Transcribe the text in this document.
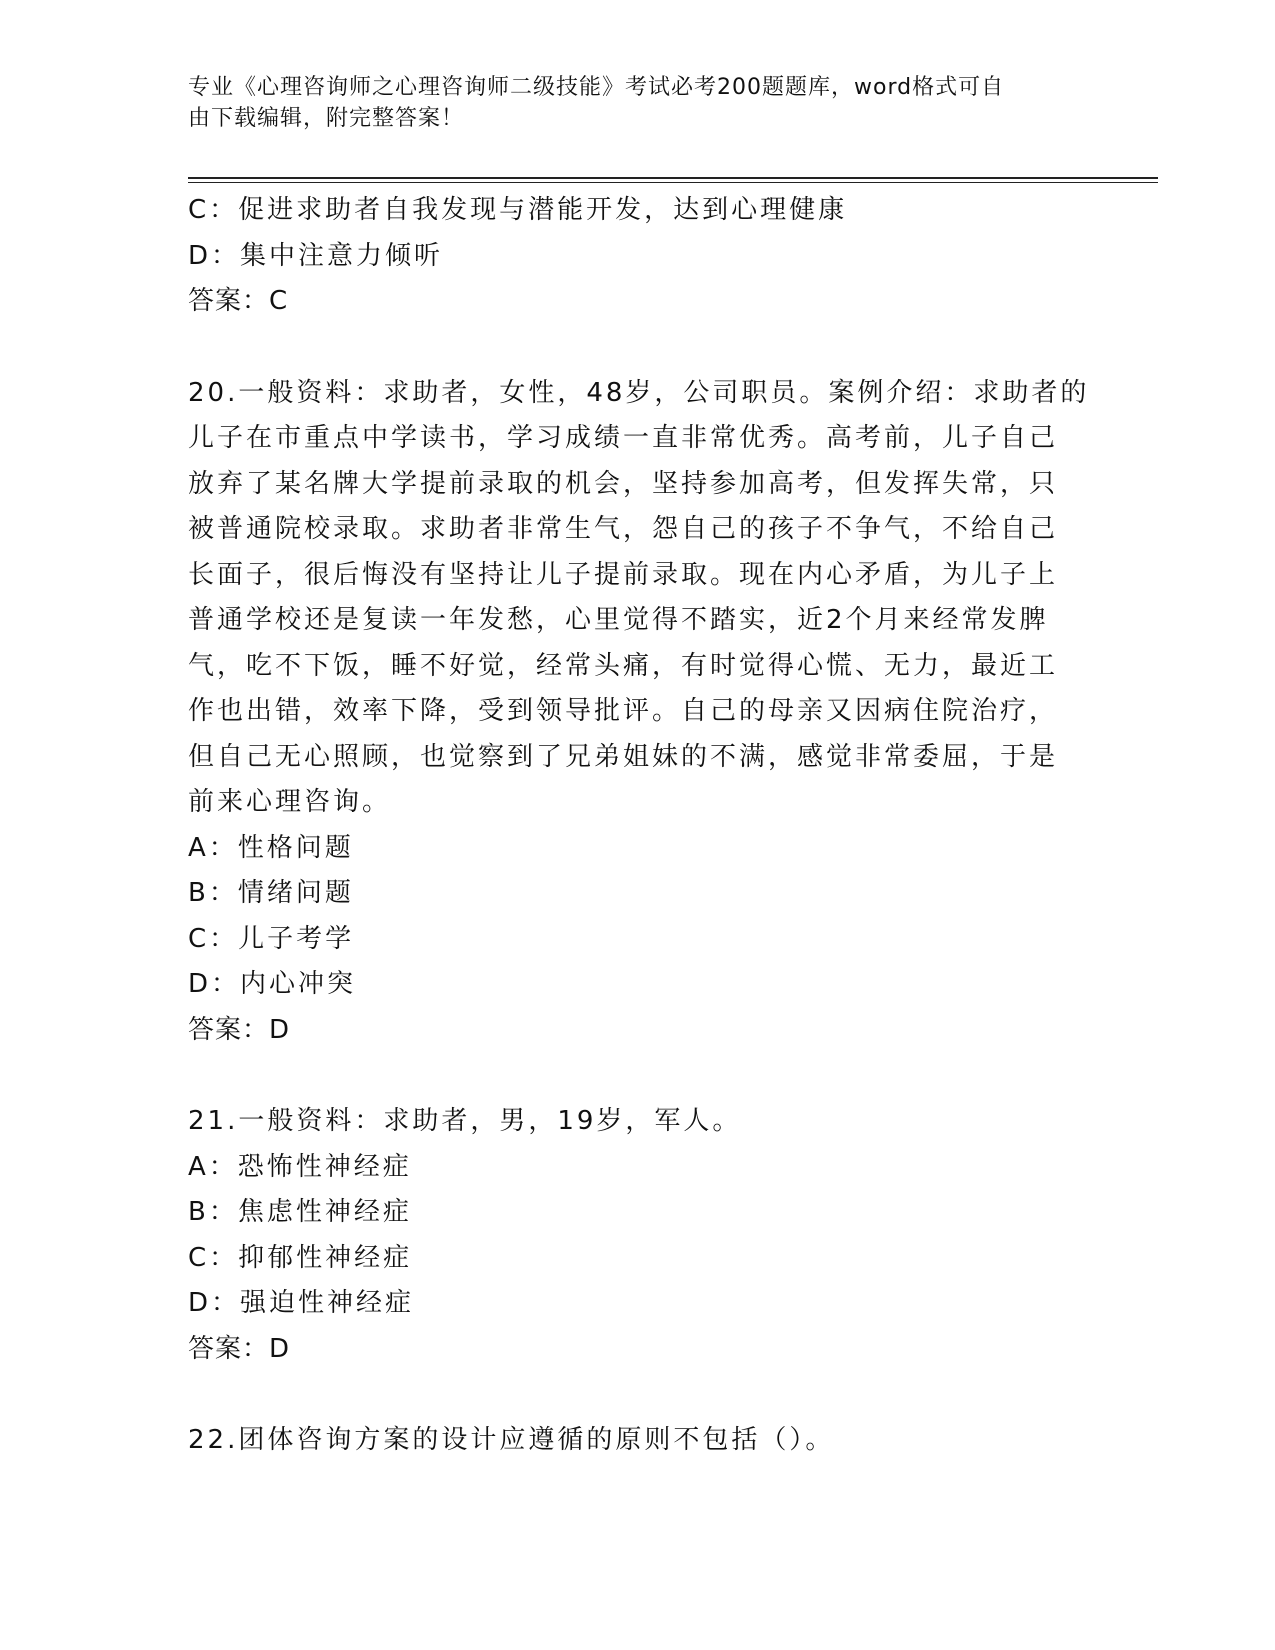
专业《心理咨询师之心理咨询师二级技能》考试必考200题题库，word格式可自
由下载编辑，附完整答案！
C：促进求助者自我发现与潜能开发，达到心理健康
D：集中注意力倾听
答案：C
20.一般资料：求助者，女性，48岁，公司职员。案例介绍：求助者的
儿子在市重点中学读书，学习成绩一直非常优秀。高考前，儿子自己
放弃了某名牌大学提前录取的机会，坚持参加高考，但发挥失常，只
被普通院校录取。求助者非常生气，怨自己的孩子不争气，不给自己
长面子，很后悔没有坚持让儿子提前录取。现在内心矛盾，为儿子上
普通学校还是复读一年发愁，心里觉得不踏实，近2个月来经常发脾
气，吃不下饭，睡不好觉，经常头痛，有时觉得心慌、无力，最近工
作也出错，效率下降，受到领导批评。自己的母亲又因病住院治疗，
但自己无心照顾，也觉察到了兄弟姐妹的不满，感觉非常委屈，于是
前来心理咨询。
A：性格问题
B：情绪问题
C：儿子考学
D：内心冲突
答案：D
21.一般资料：求助者，男，19岁，军人。
A：恐怖性神经症
B：焦虑性神经症
C：抑郁性神经症
D：强迫性神经症
答案：D
22.团体咨询方案的设计应遵循的原则不包括（）。
